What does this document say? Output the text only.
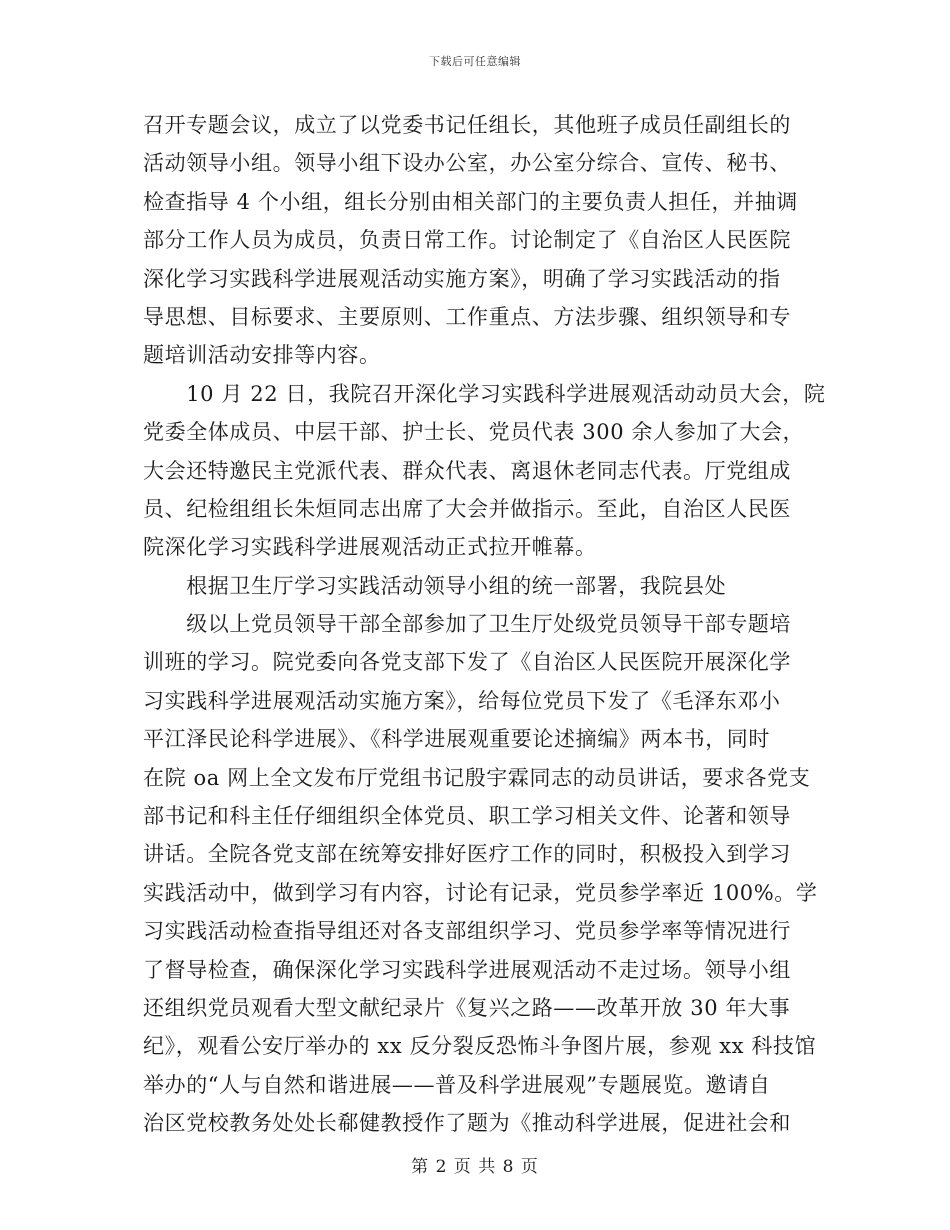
下载后可任意编辑
召开专题会议，成立了以党委书记任组长，其他班子成员任副组长的
活动领导小组。领导小组下设办公室，办公室分综合、宣传、秘书、
检查指导 4 个小组，组长分别由相关部门的主要负责人担任，并抽调
部分工作人员为成员，负责日常工作。讨论制定了《自治区人民医院
深化学习实践科学进展观活动实施方案》，明确了学习实践活动的指
导思想、目标要求、主要原则、工作重点、方法步骤、组织领导和专
题培训活动安排等内容。
　　10 月 22 日，我院召开深化学习实践科学进展观活动动员大会，院
党委全体成员、中层干部、护士长、党员代表 300 余人参加了大会，
大会还特邀民主党派代表、群众代表、离退休老同志代表。厅党组成
员、纪检组组长朱烜同志出席了大会并做指示。至此，自治区人民医
院深化学习实践科学进展观活动正式拉开帷幕。
　　根据卫生厅学习实践活动领导小组的统一部署，我院县处
　　级以上党员领导干部全部参加了卫生厅处级党员领导干部专题培
训班的学习。院党委向各党支部下发了《自治区人民医院开展深化学
习实践科学进展观活动实施方案》，给每位党员下发了《毛泽东邓小
平江泽民论科学进展》、《科学进展观重要论述摘编》两本书，同时
在院 oa 网上全文发布厅党组书记殷宇霖同志的动员讲话，要求各党支
部书记和科主任仔细组织全体党员、职工学习相关文件、论著和领导
讲话。全院各党支部在统筹安排好医疗工作的同时，积极投入到学习
实践活动中，做到学习有内容，讨论有记录，党员参学率近 100%。学
习实践活动检查指导组还对各支部组织学习、党员参学率等情况进行
了督导检查，确保深化学习实践科学进展观活动不走过场。领导小组
还组织党员观看大型文献纪录片《复兴之路——改革开放 30 年大事
纪》，观看公安厅举办的 xx 反分裂反恐怖斗争图片展，参观 xx 科技馆
举办的“人与自然和谐进展——普及科学进展观”专题展览。邀请自
治区党校教务处处长郗健教授作了题为《推动科学进展，促进社会和
第 2 页 共 8 页
